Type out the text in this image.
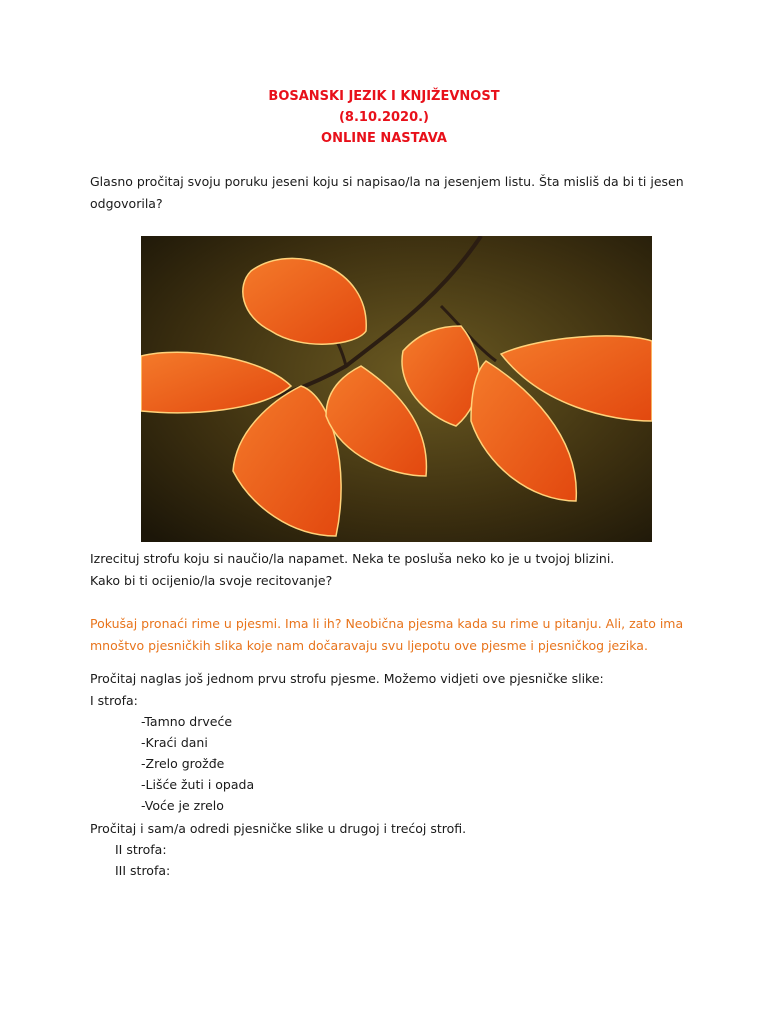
BOSANSKI JEZIK I KNJIŽEVNOST
(8.10.2020.)
ONLINE NASTAVA
Glasno pročitaj svoju poruku jeseni koju si napisao/la na jesenjem listu. Šta misliš da bi ti jesen
odgovorila?
Izrecituj strofu koju si naučio/la napamet. Neka te posluša neko ko je u tvojoj blizini.
Kako bi ti ocijenio/la svoje recitovanje?
Pokušaj pronaći rime u pjesmi. Ima li ih? Neobična pjesma kada su rime u pitanju. Ali, zato ima
mnoštvo pjesničkih slika koje nam dočaravaju svu ljepotu ove pjesme i pjesničkog jezika.
Pročitaj naglas još jednom prvu strofu pjesme. Možemo vidjeti ove pjesničke slike:
I strofa:
-Tamno drveće
-Kraći dani
-Zrelo grožđe
-Lišće žuti i opada
-Voće je zrelo
Pročitaj i sam/a odredi pjesničke slike u drugoj i trećoj strofi.
II strofa:
III strofa:
